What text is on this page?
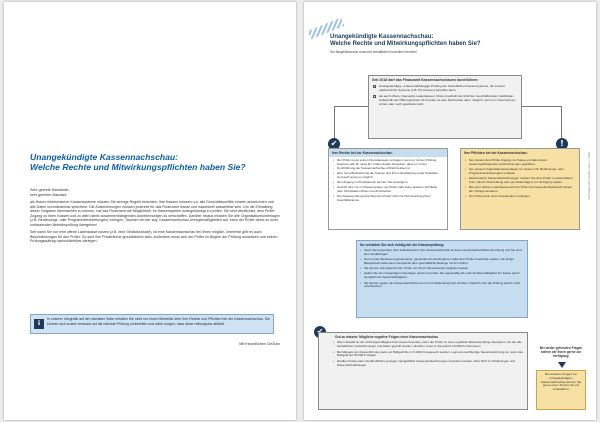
Unangekündigte Kassennachschau:
Welche Rechte und Mitwirkungspflichten haben Sie?

Sehr geehrte Mandantin,

sehr geehrter Mandant,

als Nutzer elektronischer Kassensysteme müssen Sie strenge Regeln beachten. Ihre Kassen müssen u.a. alle Geschäftsvorfälle einzeln aufzeichnen und alle Daten unveränderbar speichern. Die Aufzeichnungen müssen jederzeit für das Finanzamt lesbar und maschinell auswertbar sein. Um die Einhaltung dieser Vorgaben überwachen zu können, hat das Finanzamt die Möglichkeit, Ihr Kassensystem unangekündigt zu prüfen. Sie sind verpflichtet, dem Prüfer Zugang zu Ihren Kassen und zu allen damit zusammenhängenden Aufzeichnungen zu verschaffen. Darüber hinaus müssen Sie alle Organisationsunterlagen (z.B. Bedienungs- oder Programmieranleitungen) vorlegen. Tauchen bei der sog. Kassennachschau Unregelmäßigkeiten auf, kann der Prüfer direkt zu einer umfassenden Betriebsprüfung übergehen!

Seit wann Sie nur eine offene Ladenkasse nutzen (z.B. eine Geldschublade), ist eine Kassennachschau bei Ihnen möglich. Immerhin gibt es auch Beschränkungen für den Prüfer: So sind Ihre Privaträume grundsätzlich tabu. Außerdem muss sich der Prüfer zu Beginn der Prüfung ausweisen und seinen Prüfungsauftrag nachvollziehbar darlegen.

i
In unserer Infografik auf der nächsten Seite erhalten Sie nicht nur einen Überblick über Ihre Rechte und Pflichten bei der Kassennachschau. Sie können sich zudem bewusst auf die nächste Prüfung vorbereiten und dafür sorgen, dass diese reibungslos abläuft.
Mit freundlichen Grüßen
Unangekündigte Kassennachschau:
Welche Rechte und Mitwirkungspflichten haben Sie?
Die Bargeldbranche muss mit verstärkten Kontrollen rechnen!
Seit 2018 darf das Finanzamt Kassennachschauen durchführen:
✓ Unangekündigte, anlassunabhängige Prüfung der betrieblichen Kassensysteme, die sowohl elektronische Systeme (z.B. PC-Kassen) betreffen kann
✓ als auch offene (manuelle) Ladenkassen. Muss innerhalb der üblichen Geschäftszeiten stattfinden. Außerhalb der Öffnungszeiten für Kunden ist eine Nachschau dann möglich, wenn im Unternehmen schon oder noch gearbeitet wird.
✔	!
Ihre Rechte bei der Kassennachschau:
• Der Prüfer muss seinen Dienstausweis vorzeigen, wenn er mit der Prüfung beginnen will. Er muss ihn zudem darauf hinweisen, dass er mit der Durchführung der Kassennachschau offiziell betraut ist.
• Eine reine Beobachtung der Kassen und ihrer Handhabung sowie Testkäufe sind auch anonym möglich.
• Den Zugang zu Privaträumen können Sie verweigern.
• Geprüft wird nur im Kassensystem, der Prüfer darf keine anderen Schränke oder Schubladen öffnen und durchsehen.
• Die Kassenprüfung berechtigt den Prüfer nicht zur Durchsuchung Ihrer Geschäftsräume.
Ihre Pflichten bei der Kassennachschau:
• Sie müssen dem Prüfer Zugang zur Kasse und allen damit zusammenhängenden Aufzeichnungen gewähren.
• Sie müssen Organisationsunterlagen zur Kasse (z.B. Bedienungs- oder Programmieranleitungen) vorlegen.
• Elektronische Kassenaufzeichnungen müssen Sie dem Prüfer in auswertbarer Form (durch Übermittlung oder per Datenträger) zur Verfügung stellen.
• Bei einer offenen Ladenkasse darf der Prüfer die Kassenbuchaufzeichnungen der Vortage einsehen.
• Der Prüfer kann einen Kassensturz verlangen.
So verhalten Sie sich richtig bei der Kassenprüfung:
• Seien Sie kooperativ, aber selbstbewusst: Die Kassennachschau ist keine steuerstrafrechtliche Ermittlung und Sie sind kein Verdächtiger!
• Nur wo kein Besteuerungsrelevanter, geschulter Ansprechpartner sollte dem Prüfer Auskünfte erteilen; die übrige Belegschaft sollte keine Gespräche über geschäftliche Belange mit ihm führen.
• Sie können sich jederzeit den Prüfer von Ihrem Steuerberater begleiten lassen.
• Halten Sie die notwendigen Unterlagen parat und prüfen Sie regelmäßig die volle Funktionsfähigkeit der Kasse (auch bezüglich der Speicherfähigkeit).
• Sie können gegen die Kassennachschau an Ort und Stelle Einspruch erheben. Dadurch wird die Prüfung jedoch nicht unterbrochen.
Gut zu wissen: Mögliche negative Folgen einer Kassennachschau
• Wenn Zweifel an der Ordnungsmäßigkeit Ihrer Kasse bestehen, kann der Prüfer zu einer regulären Betriebsprüfung übergehen, bei der alle betrieblichen Aufzeichnungen und Daten geprüft werden. Hierüber muss er Sie jedoch schriftlich informieren.
• Bei Mängeln der Kassenführung kann ein Bußgeld bis zu 5.000 € festgesetzt werden. Legt eine leichtfertige Steuerverkürzung vor, kann das Bußgeld auf 50.000 € steigen.
• Darüber hinaus kann die Buchführung wegen mangelhafter Kassenaufzeichnungen verworfen werden. Dies führt zu Schätzungen und Steuernachzahlungen.
Bei weiter gehenden Fragen stehen wir Ihnen gerne zur Verfügung.
Bei weiteren Folgen zur unangekündigten Kassennachschau können Sie gerne einen Termin mit uns vereinbaren.
Alle Angaben ohne Gewähr. Fotos: ©Fotolia
